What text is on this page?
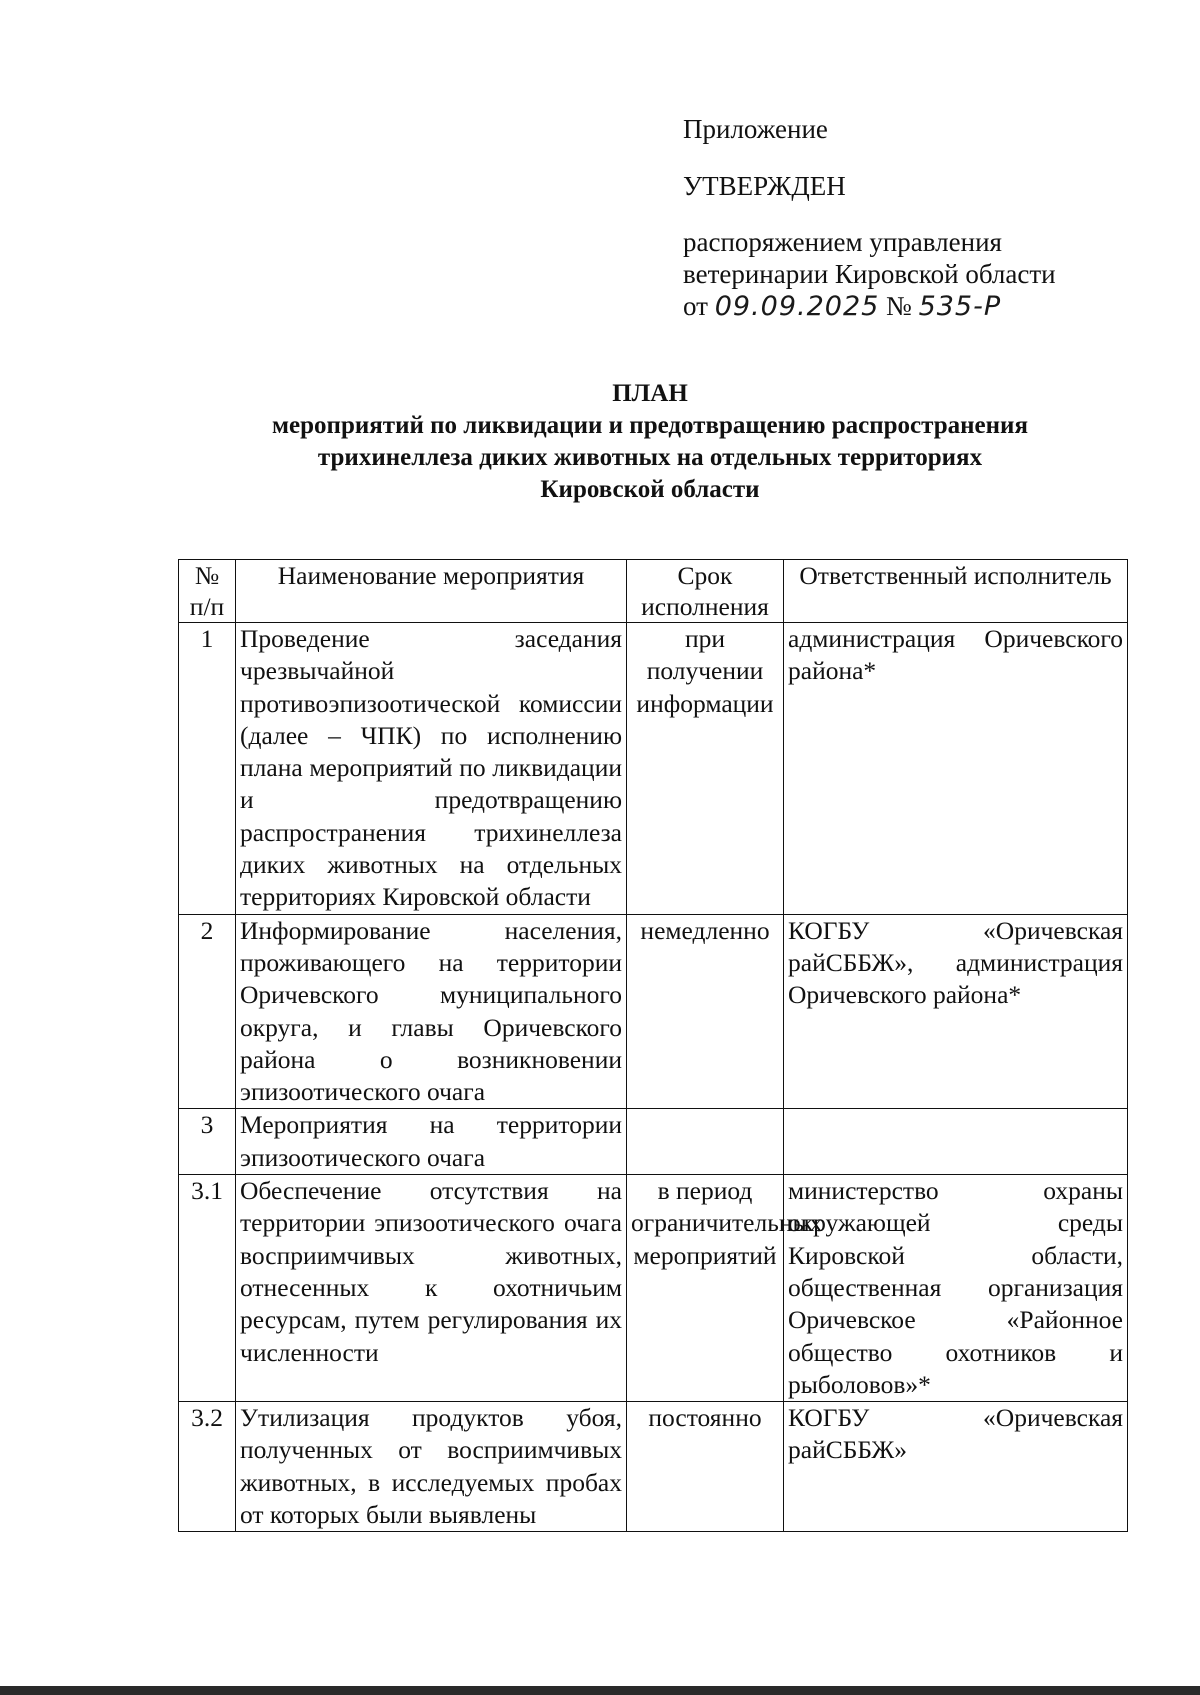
Приложение
УТВЕРЖДЕН
распоряжением управления
ветеринарии Кировской области
от 09.09.2025 № 535-Р
ПЛАН
мероприятий по ликвидации и предотвращению распространения
трихинеллеза диких животных на отдельных территориях
Кировской области
№ п/п	Наименование мероприятия	Срок исполнения	Ответственный исполнитель
1	Проведение заседания чрезвычайной противоэпизоотической комиссии (далее – ЧПК) по исполнению плана мероприятий по ликвидации и предотвращению распространения трихинеллеза диких животных на отдельных территориях Кировской области	при получении информации	администрация Оричевского района*
2	Информирование населения, проживающего на территории Оричевского муниципального округа, и главы Оричевского района о возникновении эпизоотического очага	немедленно	КОГБУ «Оричевская райСББЖ», администрация Оричевского района*
3	Мероприятия на территории эпизоотического очага		
3.1	Обеспечение отсутствия на территории эпизоотического очага восприимчивых животных, отнесенных к охотничьим ресурсам, путем регулирования их численности	в период ограничительных мероприятий	министерство охраны окружающей среды Кировской области, общественная организация Оричевское «Районное общество охотников и рыболовов»*
3.2	Утилизация продуктов убоя, полученных от восприимчивых животных, в исследуемых пробах от которых были выявлены	постоянно	КОГБУ «Оричевская райСББЖ»
